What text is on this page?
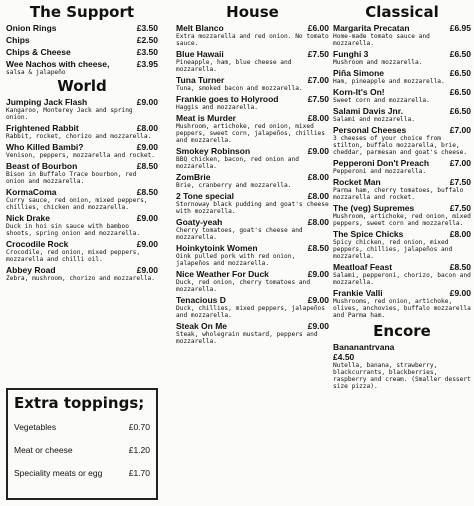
The Support
Onion Rings	£3.50
Chips	£2.50
Chips & Cheese	£3.50
Wee Nachos with cheese,	£3.95
salsa & jalapeño
World
Jumping Jack Flash	£9.00
Kangaroo, Monterey Jack and spring onion.
Frightened Rabbit	£8.00
Rabbit, rocket, chorizo and mozzarella.
Who Killed Bambi?	£9.00
Venison, peppers, mozzarella and rocket.
Beast of Bourbon	£8.50
Bison in Buffalo Trace bourbon, red onion and mozzarella.
KormaComa	£8.50
Curry sauce, red onion, mixed peppers, chillies, chicken and mozzarella.
Nick Drake	£9.00
Duck in hoi sin sauce with bamboo shoots, spring onion and mozzarella.
Crocodile Rock	£9.00
Crocodile, red onion, mixed peppers, mozzarella and chilli oil.
Abbey Road	£9.00
Zebra, mushroom, chorizo and mozzarella.
Extra toppings;
Vegetables	£0.70
Meat or cheese	£1.20
Speciality meats or egg	£1.70
House
Melt Blanco	£6.00
Extra mozzarella and red onion. No tomato sauce.
Blue Hawaii	£7.50
Pineapple, ham, blue cheese and mozzarella.
Tuna Turner	£7.00
Tuna, smoked bacon and mozzarella.
Frankie goes to Holyrood	£7.50
Haggis and mozzarella.
Meat is Murder	£8.00
Mushroom, artichoke, red onion, mixed peppers, sweet corn, jalapeños, chillies and mozzarella.
Smokey Robinson	£9.00
BBQ chicken, bacon, red onion and mozzarella.
ZomBrie	£8.00
Brie, cranberry and mozzarella.
2 Tone special	£8.00
Stornoway black pudding and goat's cheese with mozzarella.
Goaty-yeah	£8.00
Cherry tomatoes, goat's cheese and mozzarella.
Hoinkytoink Women	£8.50
Oink pulled pork with red onion, jalapeños and mozzarella.
Nice Weather For Duck	£9.00
Duck, red onion, cherry tomatoes and mozzarella.
Tenacious D	£9.00
Duck, chillies, mixed peppers, jalapeños and mozzarella.
Steak On Me	£9.00
Steak, wholegrain mustard, peppers and mozzarella.
Classical
Margarita Precatan	£6.95
Home-made tomato sauce and mozzarella.
Funghi 3	£6.50
Mushroom and mozzarella.
Piña Simone	£6.50
Ham, pineapple and mozzarella.
Korn-It's On!	£6.50
Sweet corn and mozzarella.
Salami Davis Jnr.	£6.50
Salami and mozzarella.
Personal Cheeses	£7.00
3 cheeses of your choice from stilton, buffalo mozzarella, brie, cheddar, parmesan and goat's cheese.
Pepperoni Don't Preach £7.00
Pepperoni and mozzarella.
Rocket Man	£7.50
Parma ham, cherry tomatoes, buffalo mozzarella and rocket.
The (veg) Supremes	£7.50
Mushroom, artichoke, red onion, mixed peppers, sweet corn and mozzarella.
The Spice Chicks	£8.00
Spicy chicken, red onion, mixed peppers, chillies, jalapeños and mozzarella.
Meatloaf Feast	£8.50
Salami, pepperoni, chorizo, bacon and mozzarella.
Frankie Valli	£9.00
Mushrooms, red onion, artichoke, olives, anchovies, buffalo mozzarella and Parma ham.
Encore
Bananantrvana
£4.50
Nutella, banana, strawberry, blackcurrants, blackberries, raspberry and cream. (Smaller dessert size pizza).
